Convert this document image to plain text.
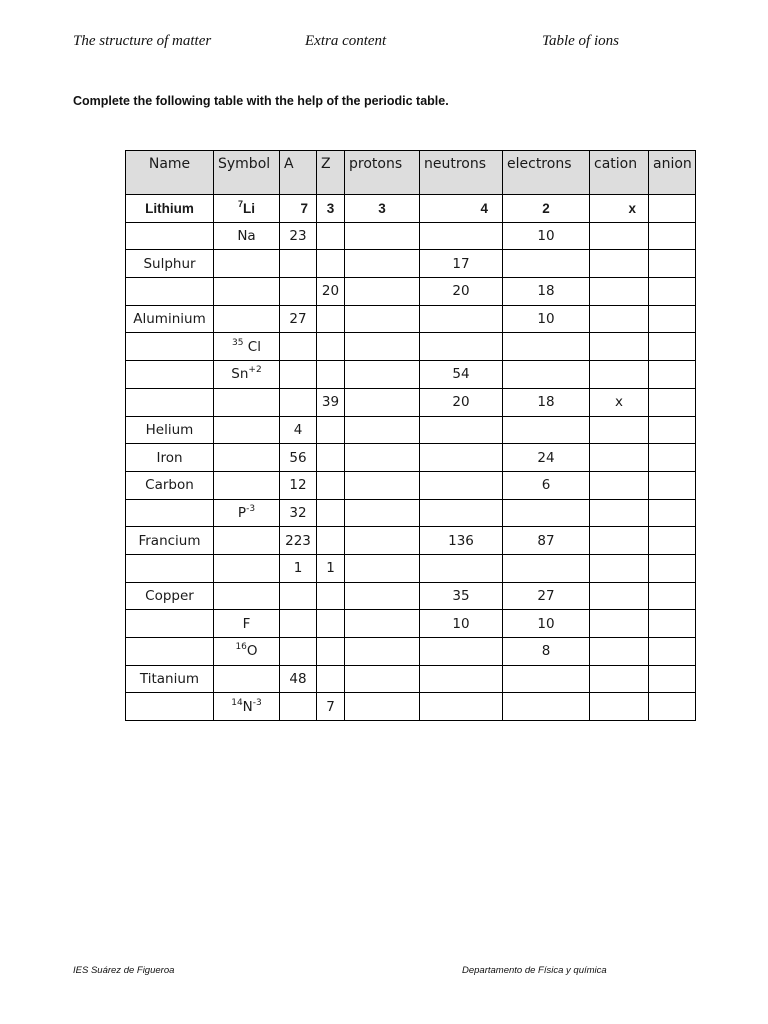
The structure of matter	Extra content	Table of ions
Complete the following table with the help of the periodic table.
Name	Symbol	A	Z	protons	neutrons	electrons	cation	anion
Lithium	$^7$Li	7	3	3	4	2	x	
	Na	23				10		
Sulphur					17			
			20		20	18		
Aluminium		27				10		
	$^{35}$ Cl							
	$Sn^{+2}$				54			
			39		20	18	x	
Helium		4						
Iron		56				24		
Carbon		12				6		
	$P^{-3}$	32						
Francium		223			136	87		
		1	1					
Copper					35	27		
	F				10	10		
	$^{16}$O					8		
Titanium		48						
	$^{14}N^{-3}$		7					
IES Suárez de Figueroa	Departamento de Física y química
